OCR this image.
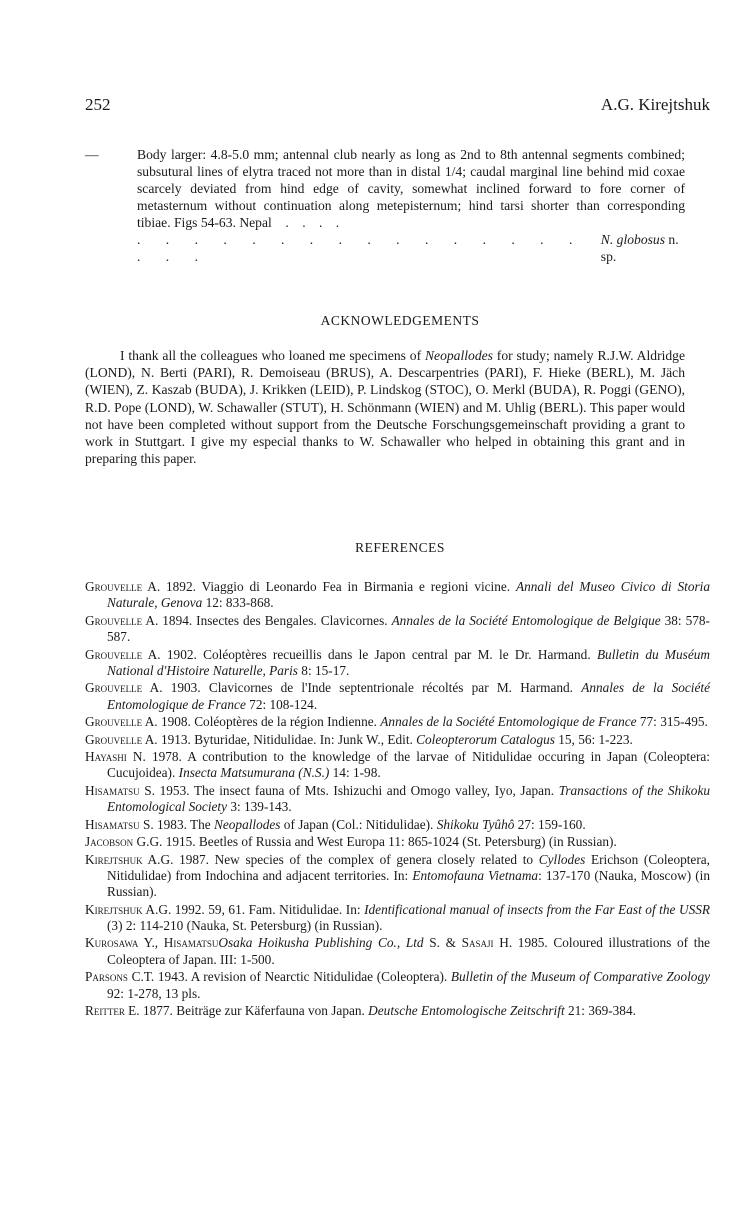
252	A.G. Kirejtshuk
—	Body larger: 4.8-5.0 mm; antennal club nearly as long as 2nd to 8th antennal segments combined; subsutural lines of elytra traced not more than in distal 1/4; caudal marginal line behind mid coxae scarcely deviated from hind edge of cavity, somewhat inclined forward to fore corner of metasternum without continuation along metepisternum; hind tarsi shorter than corresponding tibiae. Figs 54-63. Nepal . . . .
. . . . . . . . . . . . . . . . . . .
N. globosus n. sp.
ACKNOWLEDGEMENTS

I thank all the colleagues who loaned me specimens of Neopallodes for study; namely R.J.W. Aldridge (LOND), N. Berti (PARI), R. Demoiseau (BRUS), A. Descarpentries (PARI), F. Hieke (BERL), M. Jäch (WIEN), Z. Kaszab (BUDA), J. Krikken (LEID), P. Lindskog (STOC), O. Merkl (BUDA), R. Poggi (GENO), R.D. Pope (LOND), W. Schawaller (STUT), H. Schönmann (WIEN) and M. Uhlig (BERL). This paper would not have been completed without support from the Deutsche Forschungsgemeinschaft providing a grant to work in Stuttgart. I give my especial thanks to W. Schawaller who helped in obtaining this grant and in preparing this paper.

REFERENCES

Grouvelle A. 1892. Viaggio di Leonardo Fea in Birmania e regioni vicine. Annali del Museo Civico di Storia Naturale, Genova 12: 833-868.

Grouvelle A. 1894. Insectes des Bengales. Clavicornes. Annales de la Société Entomologique de Belgique 38: 578-587.

Grouvelle A. 1902. Coléoptères recueillis dans le Japon central par M. le Dr. Harmand. Bulletin du Muséum National d'Histoire Naturelle, Paris 8: 15-17.

Grouvelle A. 1903. Clavicornes de l'Inde septentrionale récoltés par M. Harmand. Annales de la Société Entomologique de France 72: 108-124.

Grouvelle A. 1908. Coléoptères de la région Indienne. Annales de la Société Entomologique de France 77: 315-495.

Grouvelle A. 1913. Byturidae, Nitidulidae. In: Junk W., Edit. Coleopterorum Catalogus 15, 56: 1-223.

Hayashi N. 1978. A contribution to the knowledge of the larvae of Nitidulidae occuring in Japan (Coleoptera: Cucujoidea). Insecta Matsumurana (N.S.) 14: 1-98.

Hisamatsu S. 1953. The insect fauna of Mts. Ishizuchi and Omogo valley, Iyo, Japan. Transactions of the Shikoku Entomological Society 3: 139-143.

Hisamatsu S. 1983. The Neopallodes of Japan (Col.: Nitidulidae). Shikoku Tyûhô 27: 159-160.

Jacobson G.G. 1915. Beetles of Russia and West Europa 11: 865-1024 (St. Petersburg) (in Russian).

Kirejtshuk A.G. 1987. New species of the complex of genera closely related to Cyllodes Erichson (Coleoptera, Nitidulidae) from Indochina and adjacent territories. In: Entomofauna Vietnama: 137-170 (Nauka, Moscow) (in Russian).

Kirejtshuk A.G. 1992. 59, 61. Fam. Nitidulidae. In: Identificational manual of insects from the Far East of the USSR (3) 2: 114-210 (Nauka, St. Petersburg) (in Russian).

Kurosawa Y., HisamatsuOsaka Hoikusha Publishing Co., Ltd S. & Sasaji H. 1985. Coloured illustrations of the Coleoptera of Japan. III: 1-500.

Parsons C.T. 1943. A revision of Nearctic Nitidulidae (Coleoptera). Bulletin of the Museum of Comparative Zoology 92: 1-278, 13 pls.

Reitter E. 1877. Beiträge zur Käferfauna von Japan. Deutsche Entomologische Zeitschrift 21: 369-384.
